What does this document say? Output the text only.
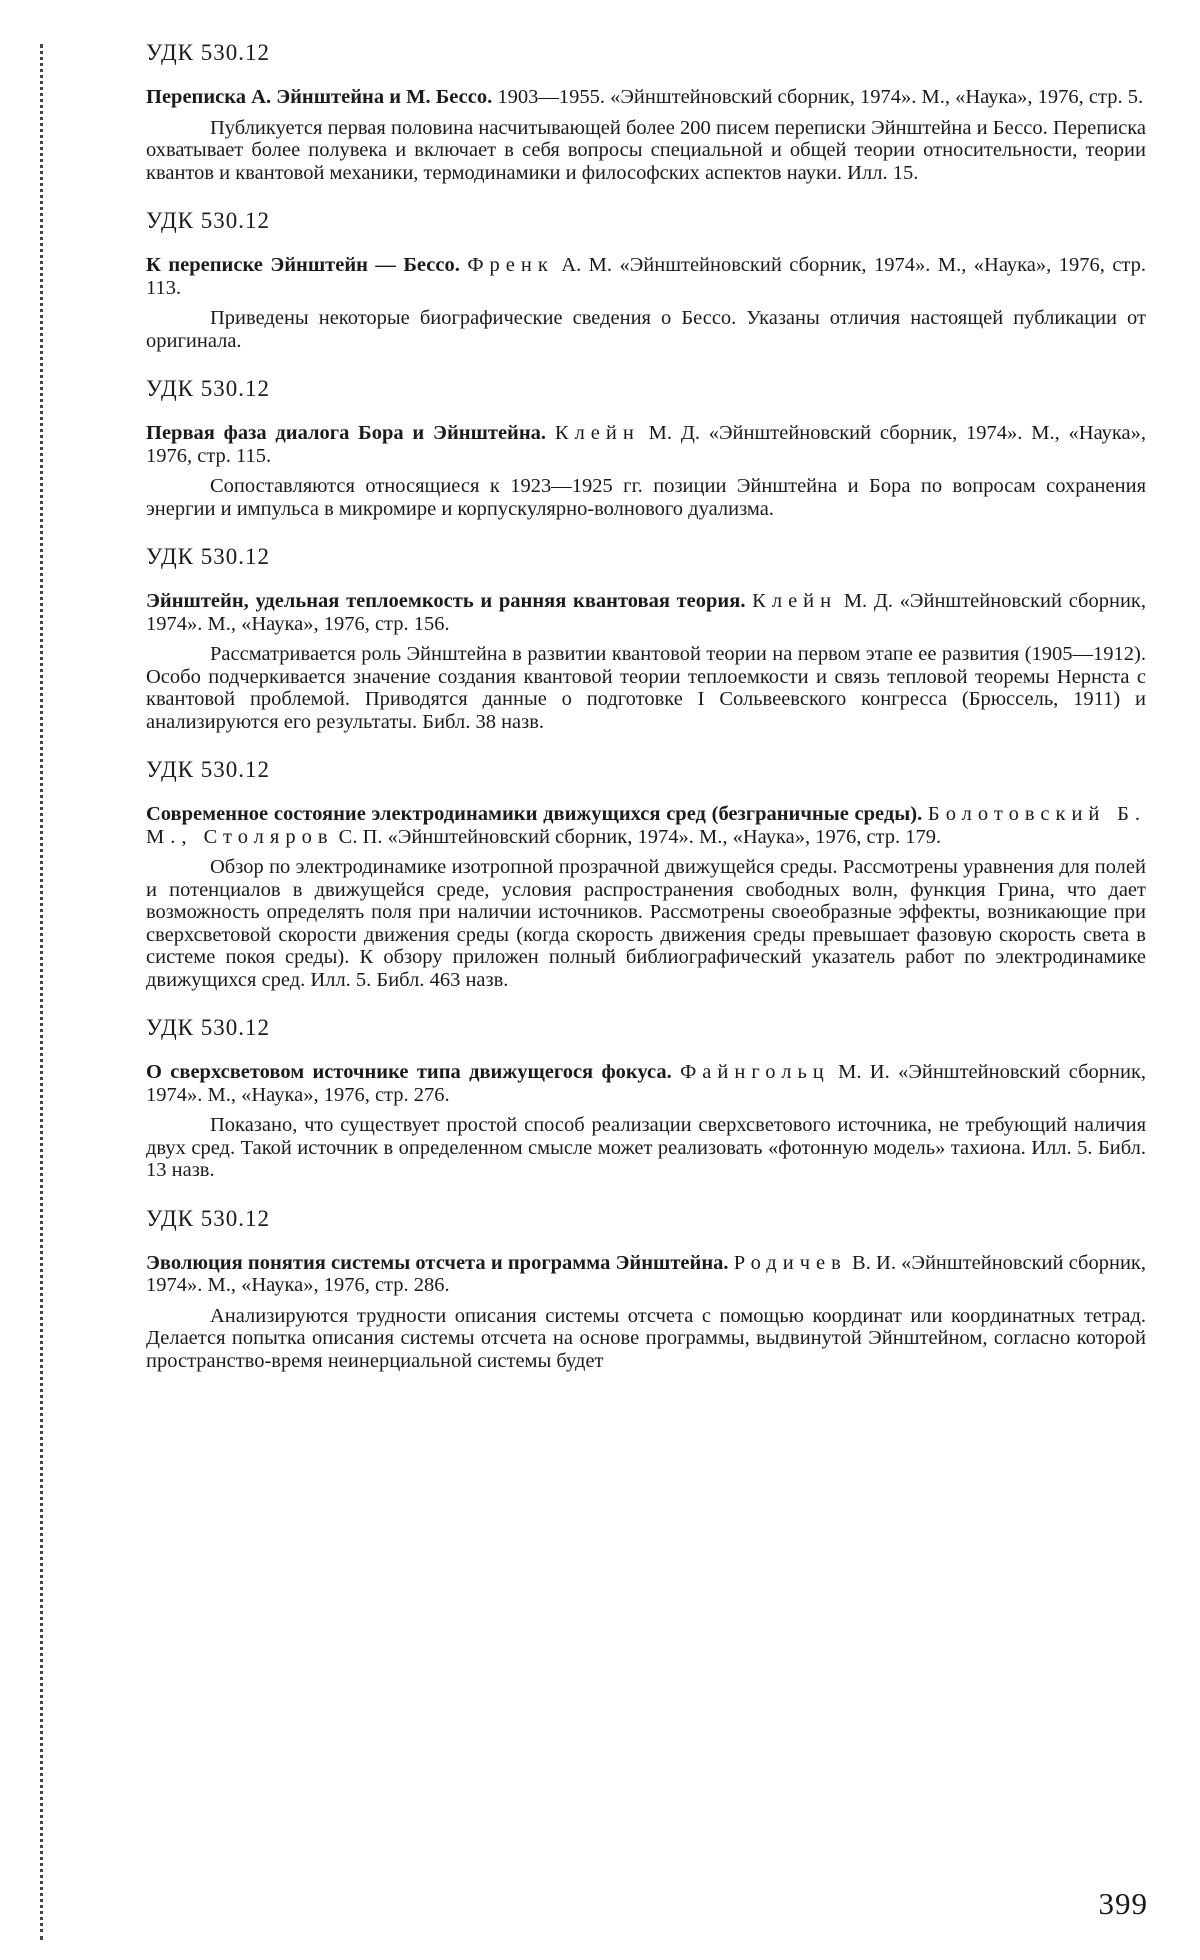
УДК 530.12

Переписка А. Эйнштейна и М. Бессо. 1903—1955. «Эйнштейновский сборник, 1974». М., «Наука», 1976, стр. 5.

Публикуется первая половина насчитывающей более 200 писем переписки Эйнштейна и Бессо. Переписка охватывает более полувека и включает в себя вопросы специальной и общей теории относительности, теории квантов и квантовой механики, термодинамики и философских аспектов науки. Илл. 15.

УДК 530.12

К переписке Эйнштейн — Бессо. Френк А. М. «Эйнштейновский сборник, 1974». М., «Наука», 1976, стр. 113.

Приведены некоторые биографические сведения о Бессо. Указаны отличия настоящей публикации от оригинала.

УДК 530.12

Первая фаза диалога Бора и Эйнштейна. Клейн М. Д. «Эйнштейновский сборник, 1974». М., «Наука», 1976, стр. 115.

Сопоставляются относящиеся к 1923—1925 гг. позиции Эйнштейна и Бора по вопросам сохранения энергии и импульса в микромире и корпускулярно-волнового дуализма.

УДК 530.12

Эйнштейн, удельная теплоемкость и ранняя квантовая теория. Клейн М. Д. «Эйнштейновский сборник, 1974». М., «Наука», 1976, стр. 156.

Рассматривается роль Эйнштейна в развитии квантовой теории на первом этапе ее развития (1905—1912). Особо подчеркивается значение создания квантовой теории теплоемкости и связь тепловой теоремы Нернста с квантовой проблемой. Приводятся данные о подготовке I Сольвеевского конгресса (Брюссель, 1911) и анализируются его результаты. Библ. 38 назв.

УДК 530.12

Современное состояние электродинамики движущихся сред (безграничные среды). Болотовский Б. М., Столяров С. П. «Эйнштейновский сборник, 1974». М., «Наука», 1976, стр. 179.

Обзор по электродинамике изотропной прозрачной движущейся среды. Рассмотрены уравнения для полей и потенциалов в движущейся среде, условия распространения свободных волн, функция Грина, что дает возможность определять поля при наличии источников. Рассмотрены своеобразные эффекты, возникающие при сверхсветовой скорости движения среды (когда скорость движения среды превышает фазовую скорость света в системе покоя среды). К обзору приложен полный библиографический указатель работ по электродинамике движущихся сред. Илл. 5. Библ. 463 назв.

УДК 530.12

О сверхсветовом источнике типа движущегося фокуса. Файнгольц М. И. «Эйнштейновский сборник, 1974». М., «Наука», 1976, стр. 276.

Показано, что существует простой способ реализации сверхсветового источника, не требующий наличия двух сред. Такой источник в определенном смысле может реализовать «фотонную модель» тахиона. Илл. 5. Библ. 13 назв.

УДК 530.12

Эволюция понятия системы отсчета и программа Эйнштейна. Родичев В. И. «Эйнштейновский сборник, 1974». М., «Наука», 1976, стр. 286.

Анализируются трудности описания системы отсчета с помощью координат или координатных тетрад. Делается попытка описания системы отсчета на основе программы, выдвинутой Эйнштейном, согласно которой пространство-время неинерциальной системы будет

399
